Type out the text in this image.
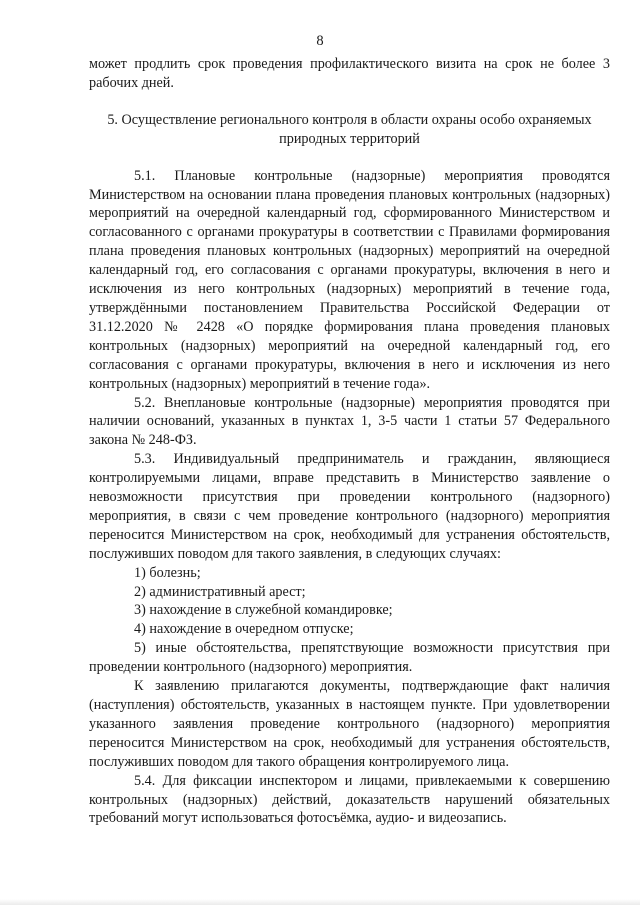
8

может продлить срок проведения профилактического визита на срок не более 3 рабочих дней.

5. Осуществление регионального контроля в области охраны особо охраняемых природных территорий

5.1. Плановые контрольные (надзорные) мероприятия проводятся Министерством на основании плана проведения плановых контрольных (надзорных) мероприятий на очередной календарный год, сформированного Министерством и согласованного с органами прокуратуры в соответствии с Правилами формирования плана проведения плановых контрольных (надзорных) мероприятий на очередной календарный год, его согласования с органами прокуратуры, включения в него и исключения из него контрольных (надзорных) мероприятий в течение года, утверждёнными постановлением Правительства Российской Федерации от 31.12.2020 № 2428 «О порядке формирования плана проведения плановых контрольных (надзорных) мероприятий на очередной календарный год, его согласования с органами прокуратуры, включения в него и исключения из него контрольных (надзорных) мероприятий в течение года».

5.2. Внеплановые контрольные (надзорные) мероприятия проводятся при наличии оснований, указанных в пунктах 1, 3-5 части 1 статьи 57 Федерального закона № 248-ФЗ.

5.3. Индивидуальный предприниматель и гражданин, являющиеся контролируемыми лицами, вправе представить в Министерство заявление о невозможности присутствия при проведении контрольного (надзорного) мероприятия, в связи с чем проведение контрольного (надзорного) мероприятия переносится Министерством на срок, необходимый для устранения обстоятельств, послуживших поводом для такого заявления, в следующих случаях:

1) болезнь;

2) административный арест;

3) нахождение в служебной командировке;

4) нахождение в очередном отпуске;

5) иные обстоятельства, препятствующие возможности присутствия при проведении контрольного (надзорного) мероприятия.

К заявлению прилагаются документы, подтверждающие факт наличия (наступления) обстоятельств, указанных в настоящем пункте. При удовлетворении указанного заявления проведение контрольного (надзорного) мероприятия переносится Министерством на срок, необходимый для устранения обстоятельств, послуживших поводом для такого обращения контролируемого лица.

5.4. Для фиксации инспектором и лицами, привлекаемыми к совершению контрольных (надзорных) действий, доказательств нарушений обязательных требований могут использоваться фотосъёмка, аудио- и видеозапись.
